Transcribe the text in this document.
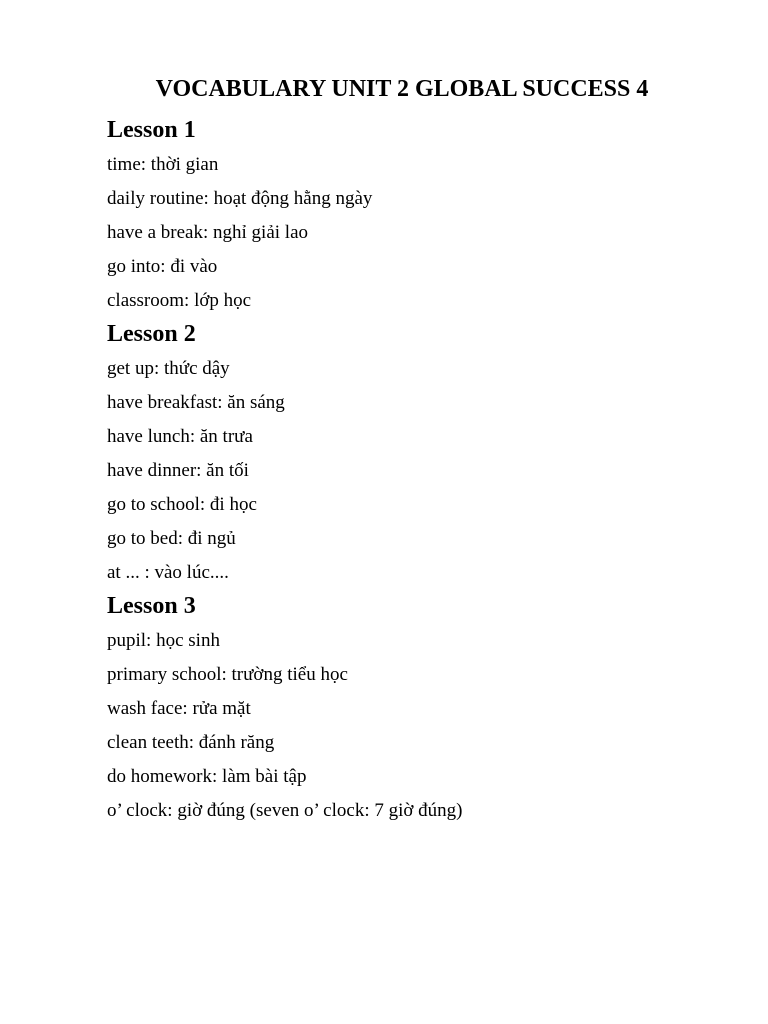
VOCABULARY UNIT 2 GLOBAL SUCCESS 4
Lesson 1

time: thời gian

daily routine: hoạt động hằng ngày

have a break: nghỉ giải lao

go into: đi vào

classroom: lớp học

Lesson 2

get up: thức dậy

have breakfast: ăn sáng

have lunch: ăn trưa

have dinner: ăn tối

go to school: đi học

go to bed: đi ngủ

at ... : vào lúc....

Lesson 3

pupil: học sinh

primary school: trường tiểu học

wash face: rửa mặt

clean teeth: đánh răng

do homework: làm bài tập

o’ clock: giờ đúng (seven o’ clock: 7 giờ đúng)
